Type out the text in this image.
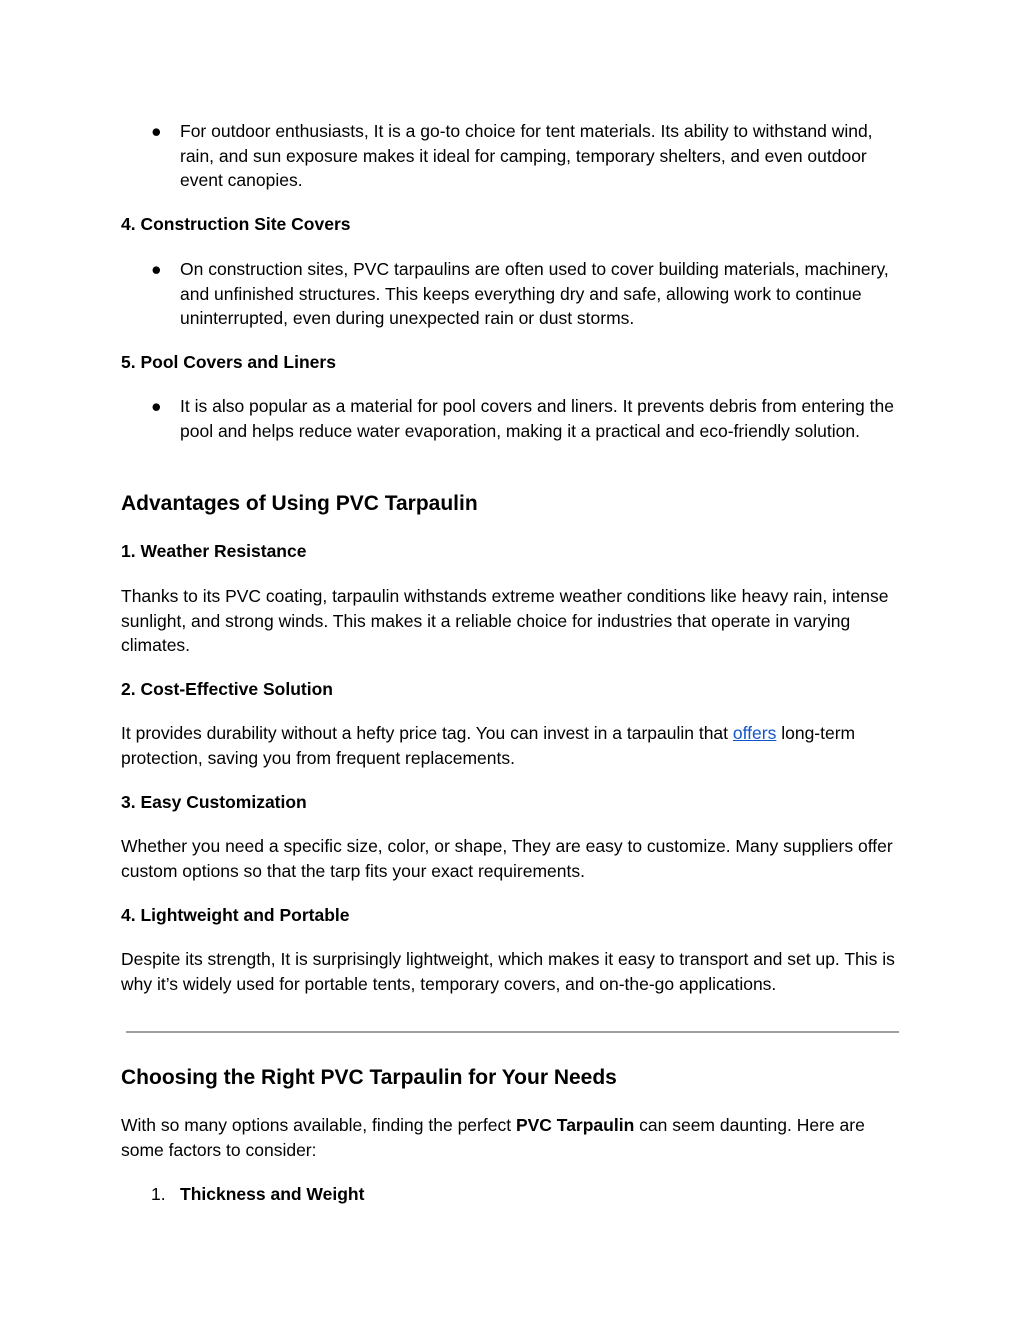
● For outdoor enthusiasts, It is a go-to choice for tent materials. Its ability to withstand wind, rain, and sun exposure makes it ideal for camping, temporary shelters, and even outdoor event canopies.

4. Construction Site Covers

● On construction sites, PVC tarpaulins are often used to cover building materials, machinery, and unfinished structures. This keeps everything dry and safe, allowing work to continue uninterrupted, even during unexpected rain or dust storms.

5. Pool Covers and Liners

● It is also popular as a material for pool covers and liners. It prevents debris from entering the pool and helps reduce water evaporation, making it a practical and eco-friendly solution.

Advantages of Using PVC Tarpaulin

1. Weather Resistance

Thanks to its PVC coating, tarpaulin withstands extreme weather conditions like heavy rain, intense sunlight, and strong winds. This makes it a reliable choice for industries that operate in varying climates.

2. Cost-Effective Solution

It provides durability without a hefty price tag. You can invest in a tarpaulin that offers long-term protection, saving you from frequent replacements.

3. Easy Customization

Whether you need a specific size, color, or shape, They are easy to customize. Many suppliers offer custom options so that the tarp fits your exact requirements.

4. Lightweight and Portable

Despite its strength, It is surprisingly lightweight, which makes it easy to transport and set up. This is why it’s widely used for portable tents, temporary covers, and on-the-go applications.

Choosing the Right PVC Tarpaulin for Your Needs

With so many options available, finding the perfect PVC Tarpaulin can seem daunting. Here are some factors to consider:

1. Thickness and Weight
